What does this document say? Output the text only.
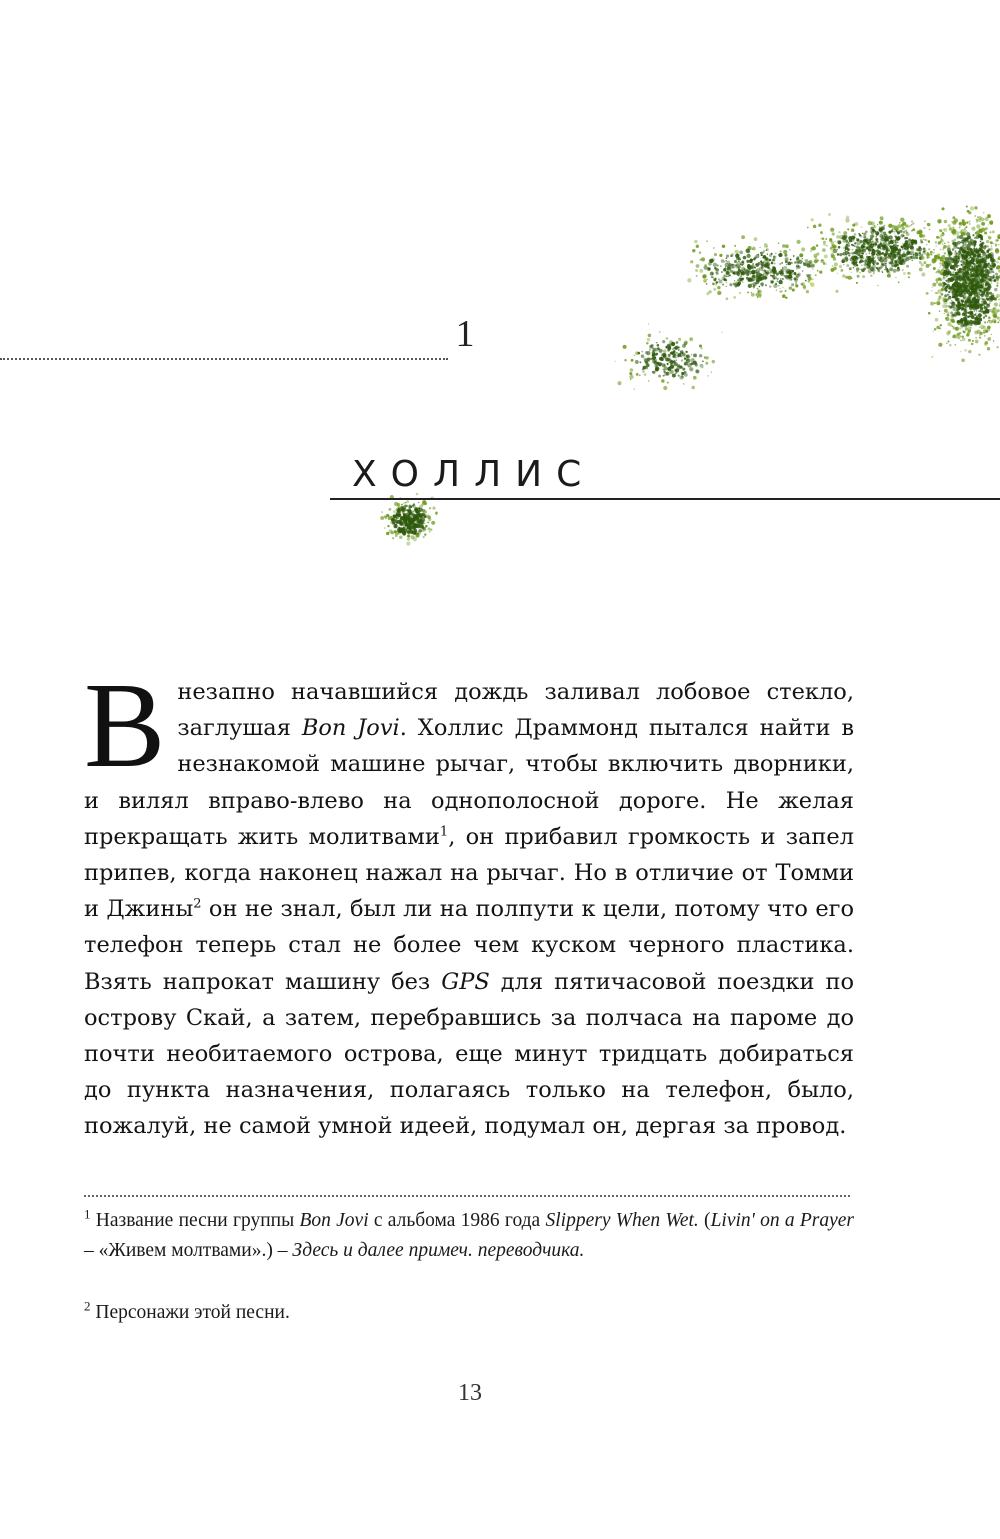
1
ХОЛЛИС

Внезапно начавшийся дождь заливал лобовое стекло, заглушая Bon Jovi. Холлис Драммонд пытался найти в незнакомой машине рычаг, чтобы включить дворники, и вилял вправо-влево на однополосной дороге. Не желая прекращать жить молитвами$^1$, он прибавил громкость и запел припев, когда наконец нажал на рычаг. Но в отличие от Томми и Джины$^2$ он не знал, был ли на полпути к цели, потому что его телефон теперь стал не более чем куском черного пластика. Взять напрокат машину без GPS для пятичасовой поездки по острову Скай, а затем, перебравшись за полчаса на пароме до почти необитаемого острова, еще минут тридцать добираться до пункта назначения, полагаясь только на телефон, было, пожалуй, не самой умной идеей, подумал он, дергая за провод.

$^1$ Название песни группы Bon Jovi с альбома 1986 года Slippery When Wet. (Livin' on a Prayer – «Живем молтвами».) – Здесь и далее примеч. переводчика.

$^2$ Персонажи этой песни.

13
